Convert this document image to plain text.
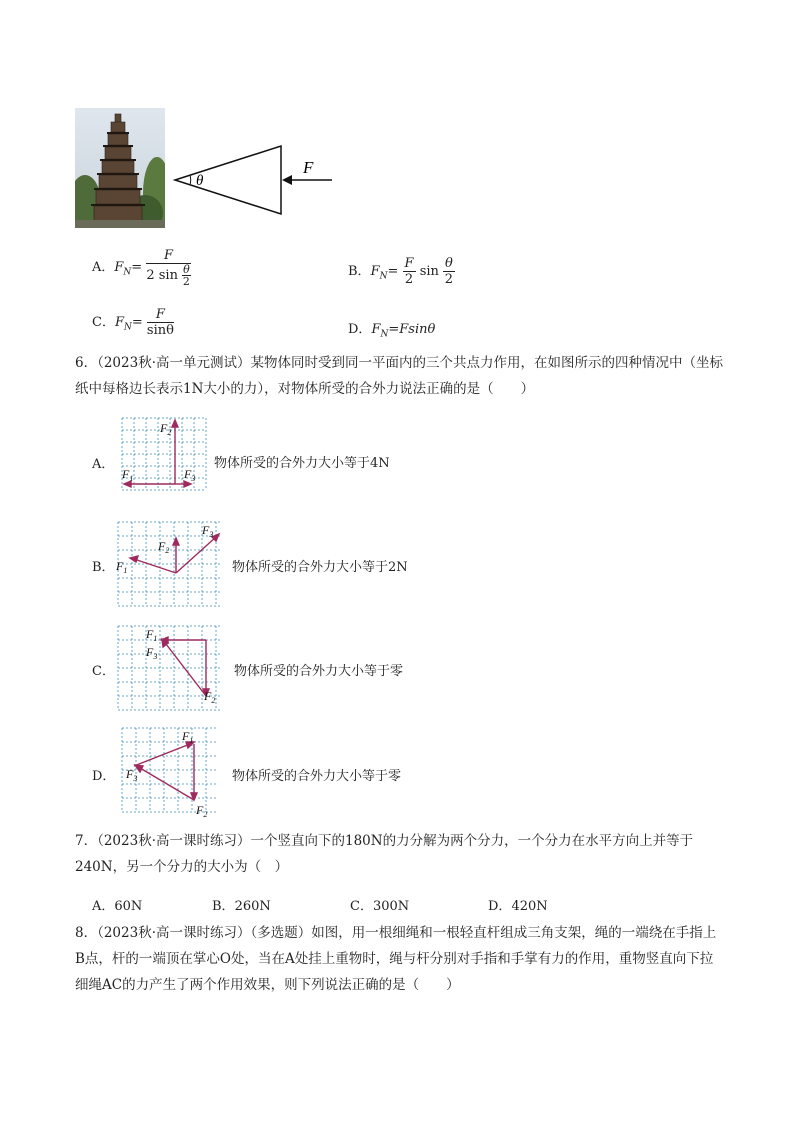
θ
F
A．$F_N= \frac{F}{2 \sin \frac{\theta}{2}}$	B．$F_N= \frac{F}{2}$ $\sin \frac{\theta}{2}$
C．$F_N= \frac{F}{\sin\theta}$	D．$F_N=Fsin\theta$
6．（2023秋·高一单元测试）某物体同时受到同一平面内的三个共点力作用，在如图所示的四种情况中（坐标纸中每格边长表示1N大小的力），对物体所受的合外力说法正确的是（　　）
A．
$F_2$
$F_1$	$F_3$
物体所受的合外力大小等于4N
B．
$F_2$
$F_1$
$F_3$
物体所受的合外力大小等于2N
C．
$F_1$
$F_3$
$F_2$
物体所受的合外力大小等于零
D．
$F_1$
$F_3$
$F_2$
物体所受的合外力大小等于零
7．（2023秋·高一课时练习）一个竖直向下的180N的力分解为两个分力，一个分力在水平方向上并等于240N，另一个分力的大小为（　）
A．60N	B．260N	C．300N	D．420N
8．（2023秋·高一课时练习）（多选题）如图，用一根细绳和一根轻直杆组成三角支架，绳的一端绕在手指上B点，杆的一端顶在掌心O处，当在A处挂上重物时，绳与杆分别对手指和手掌有力的作用，重物竖直向下拉细绳AC的力产生了两个作用效果，则下列说法正确的是（　　）
